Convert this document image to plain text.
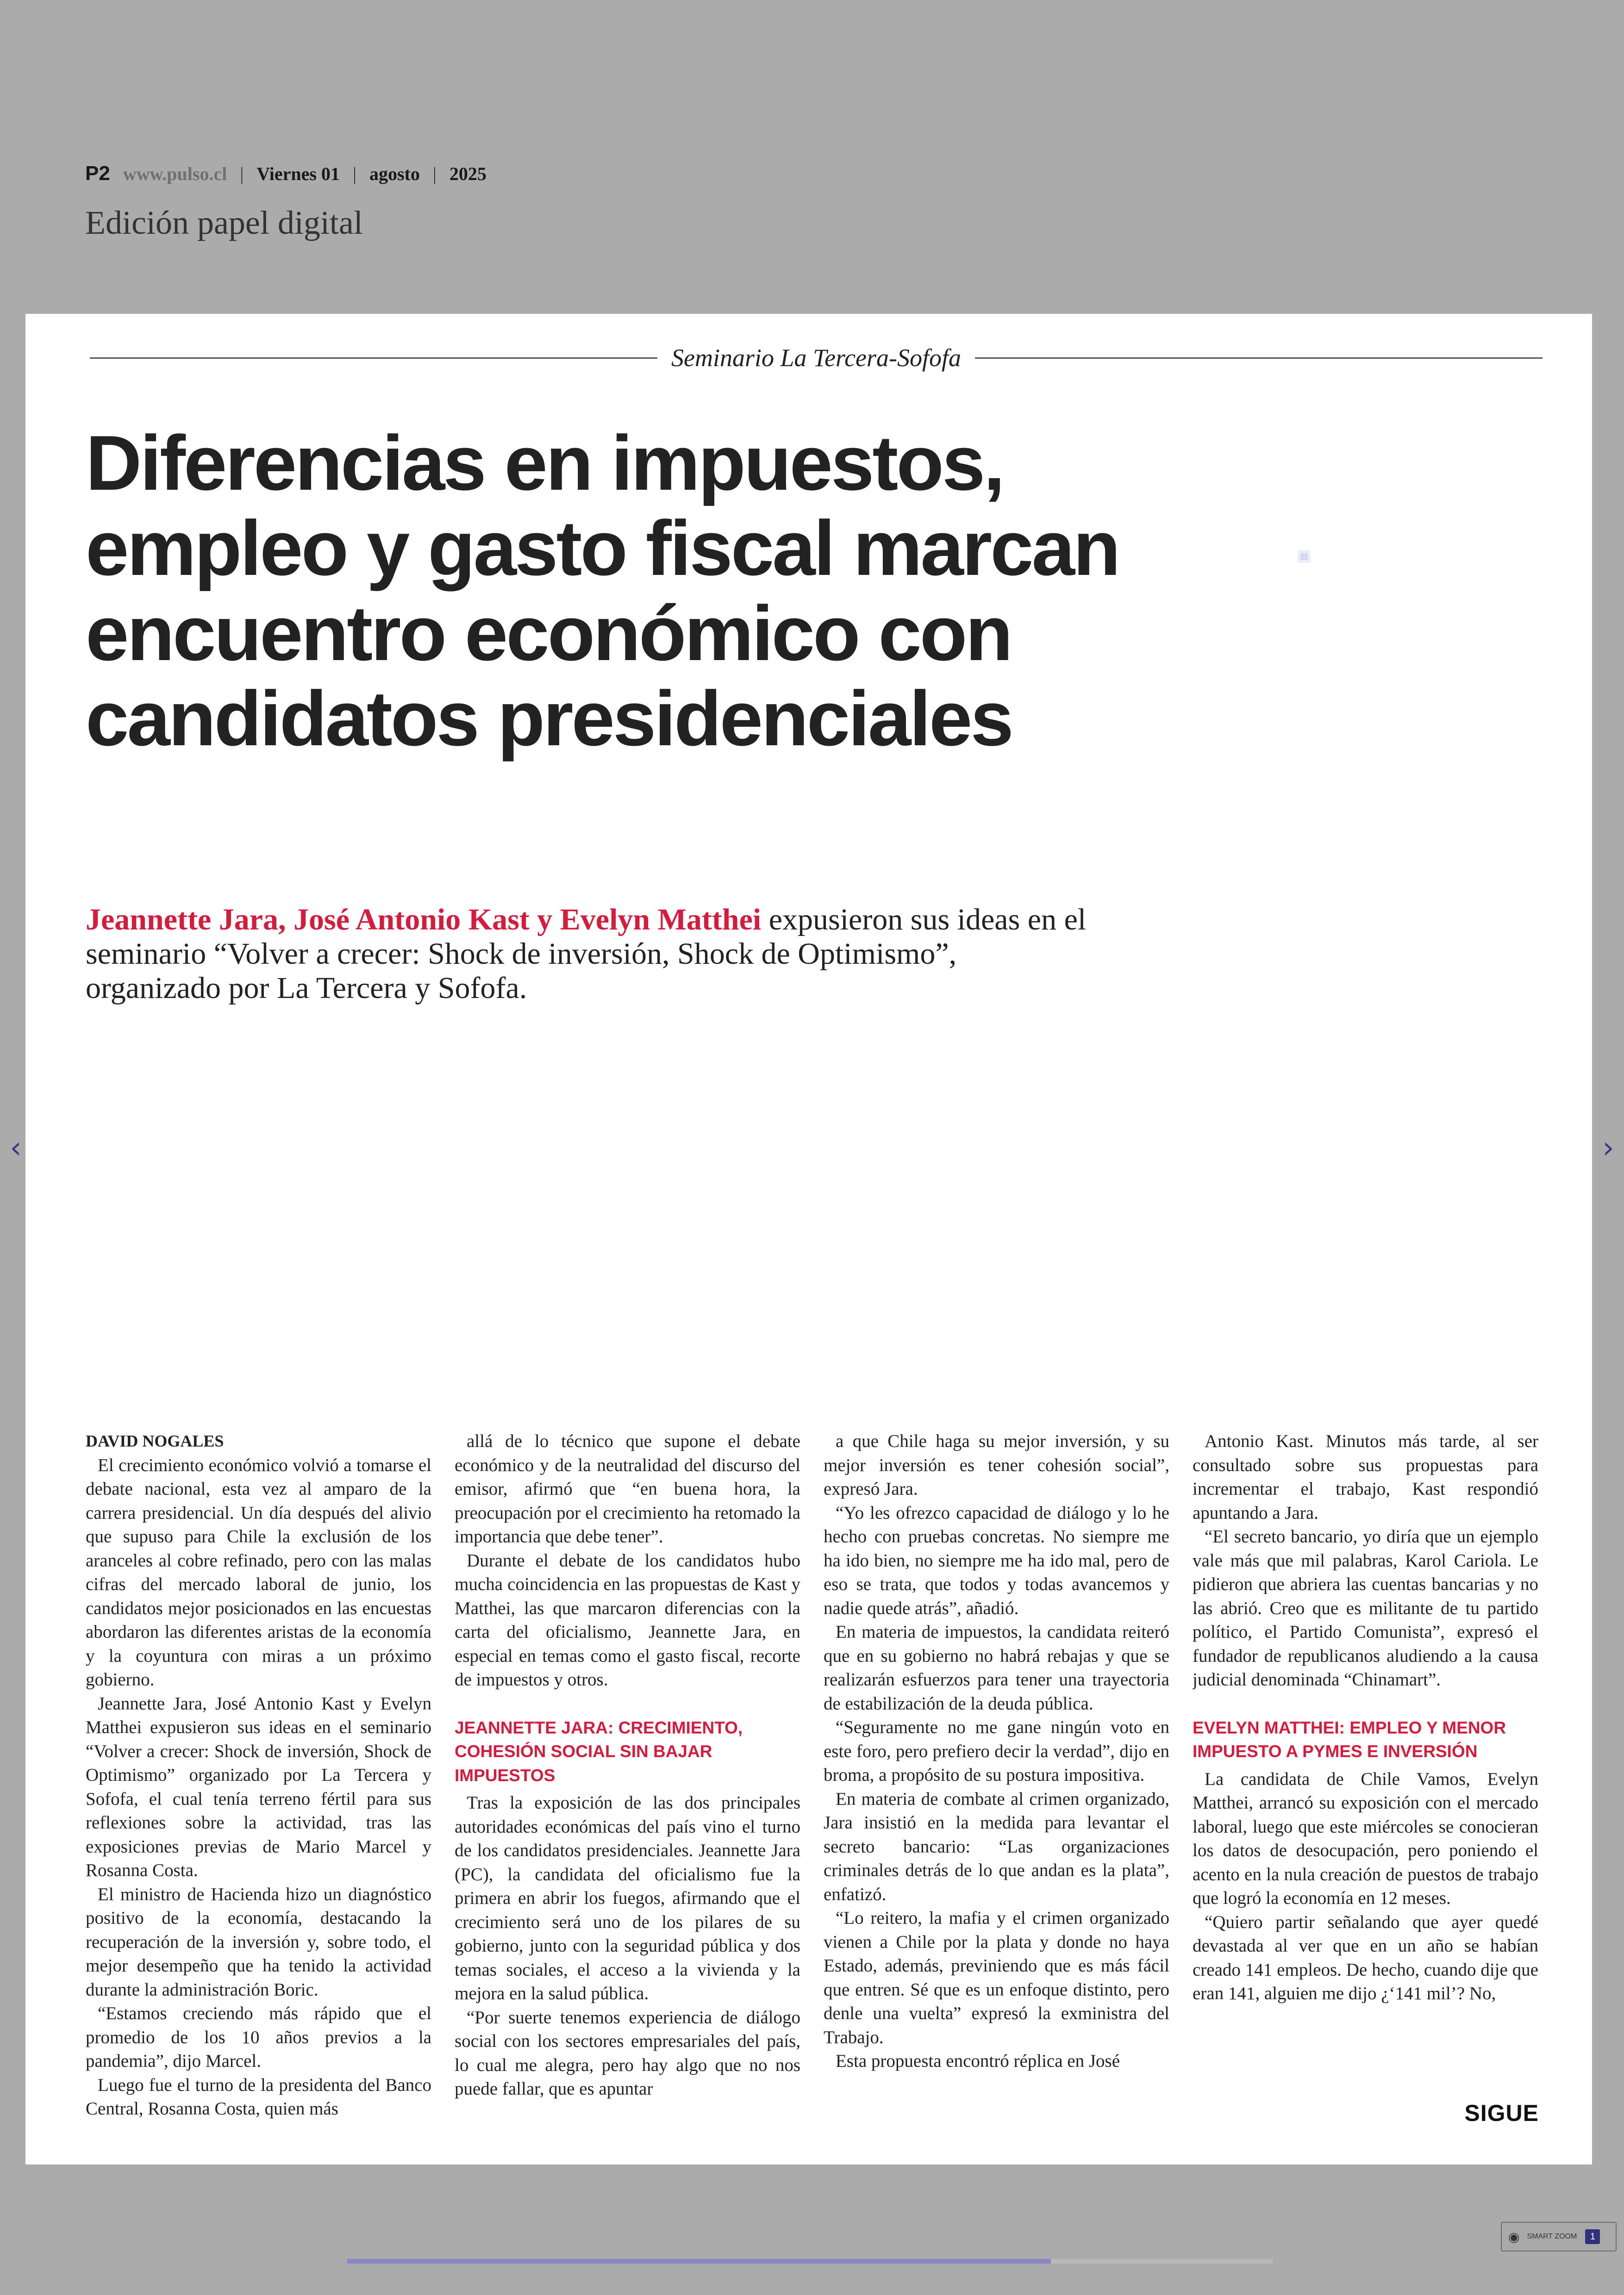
P2 www.pulso.cl | Viernes 01 | agosto | 2025
Edición papel digital
‹	›
Seminario La Tercera-Sofofa
Diferencias en impuestos, empleo y gasto fiscal marcan encuentro económico con candidatos presidenciales
▤
Jeannette Jara, José Antonio Kast y Evelyn Matthei expusieron sus ideas en el seminario “Volver a crecer: Shock de inversión, Shock de Optimismo”, organizado por La Tercera y Sofofa.
DAVID NOGALES

El crecimiento económico volvió a tomarse el debate nacional, esta vez al amparo de la carrera presidencial. Un día después del alivio que supuso para Chile la exclusión de los aranceles al cobre refinado, pero con las malas cifras del mercado laboral de junio, los candidatos mejor posicionados en las encuestas abordaron las diferentes aristas de la economía y la coyuntura con miras a un próximo gobierno.

Jeannette Jara, José Antonio Kast y Evelyn Matthei expusieron sus ideas en el seminario “Volver a crecer: Shock de inversión, Shock de Optimismo” organizado por La Tercera y Sofofa, el cual tenía terreno fértil para sus reflexiones sobre la actividad, tras las exposiciones previas de Mario Marcel y Rosanna Costa.

El ministro de Hacienda hizo un diagnóstico positivo de la economía, destacando la recuperación de la inversión y, sobre todo, el mejor desempeño que ha tenido la actividad durante la administración Boric.

“Estamos creciendo más rápido que el promedio de los 10 años previos a la pandemia”, dijo Marcel.

Luego fue el turno de la presidenta del Banco Central, Rosanna Costa, quien más

allá de lo técnico que supone el debate económico y de la neutralidad del discurso del emisor, afirmó que “en buena hora, la preocupación por el crecimiento ha retomado la importancia que debe tener”.

Durante el debate de los candidatos hubo mucha coincidencia en las propuestas de Kast y Matthei, las que marcaron diferencias con la carta del oficialismo, Jeannette Jara, en especial en temas como el gasto fiscal, recorte de impuestos y otros.

JEANNETTE JARA: CRECIMIENTO, COHESIÓN SOCIAL SIN BAJAR IMPUESTOS

Tras la exposición de las dos principales autoridades económicas del país vino el turno de los candidatos presidenciales. Jeannette Jara (PC), la candidata del oficialismo fue la primera en abrir los fuegos, afirmando que el crecimiento será uno de los pilares de su gobierno, junto con la seguridad pública y dos temas sociales, el acceso a la vivienda y la mejora en la salud pública.

“Por suerte tenemos experiencia de diálogo social con los sectores empresariales del país, lo cual me alegra, pero hay algo que no nos puede fallar, que es apuntar

a que Chile haga su mejor inversión, y su mejor inversión es tener cohesión social”, expresó Jara.

“Yo les ofrezco capacidad de diálogo y lo he hecho con pruebas concretas. No siempre me ha ido bien, no siempre me ha ido mal, pero de eso se trata, que todos y todas avancemos y nadie quede atrás”, añadió.

En materia de impuestos, la candidata reiteró que en su gobierno no habrá rebajas y que se realizarán esfuerzos para tener una trayectoria de estabilización de la deuda pública.

“Seguramente no me gane ningún voto en este foro, pero prefiero decir la verdad”, dijo en broma, a propósito de su postura impositiva.

En materia de combate al crimen organizado, Jara insistió en la medida para levantar el secreto bancario: “Las organizaciones criminales detrás de lo que andan es la plata”, enfatizó.

“Lo reitero, la mafia y el crimen organizado vienen a Chile por la plata y donde no haya Estado, además, previniendo que es más fácil que entren. Sé que es un enfoque distinto, pero denle una vuelta” expresó la exministra del Trabajo.

Esta propuesta encontró réplica en José

Antonio Kast. Minutos más tarde, al ser consultado sobre sus propuestas para incrementar el trabajo, Kast respondió apuntando a Jara.

“El secreto bancario, yo diría que un ejemplo vale más que mil palabras, Karol Cariola. Le pidieron que abriera las cuentas bancarias y no las abrió. Creo que es militante de tu partido político, el Partido Comunista”, expresó el fundador de republicanos aludiendo a la causa judicial denominada “Chinamart”.

EVELYN MATTHEI: EMPLEO Y MENOR IMPUESTO A PYMES E INVERSIÓN

La candidata de Chile Vamos, Evelyn Matthei, arrancó su exposición con el mercado laboral, luego que este miércoles se conocieran los datos de desocupación, pero poniendo el acento en la nula creación de puestos de trabajo que logró la economía en 12 meses.

“Quiero partir señalando que ayer quedé devastada al ver que en un año se habían creado 141 empleos. De hecho, cuando dije que eran 141, alguien me dijo ¿‘141 mil’? No,

SIGUE
◉ SMART ZOOM	1
